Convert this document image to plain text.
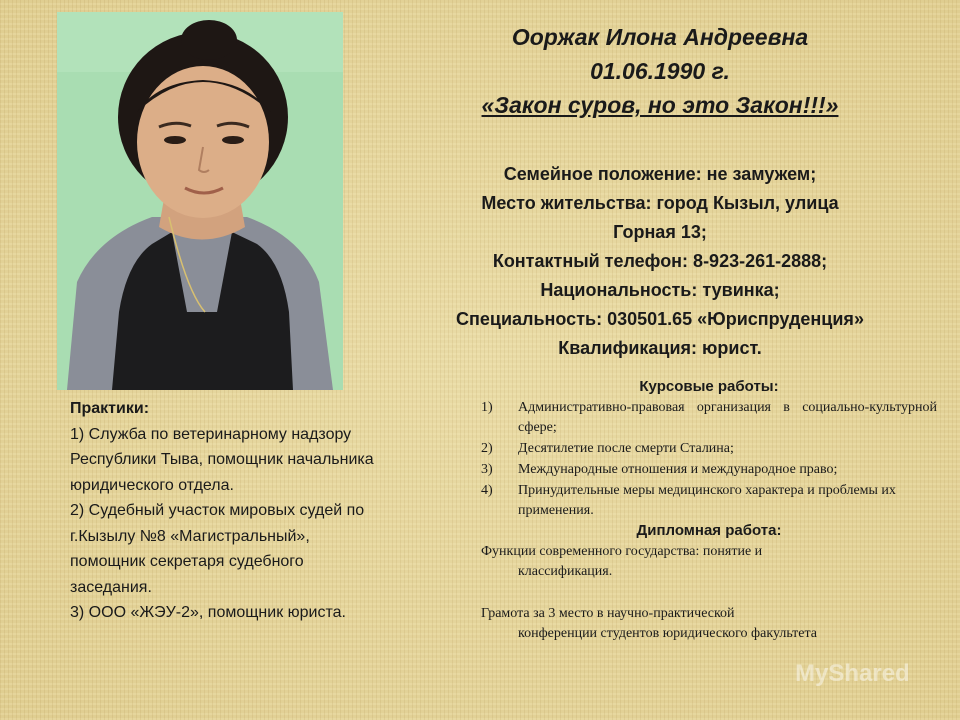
Ооржак Илона Андреевна
01.06.1990 г.
«Закон суров, но это Закон!!!»
Семейное положение: не замужем;
Место жительства: город Кызыл, улица
Горная 13;
Контактный телефон: 8-923-261-2888;
Национальность: тувинка;
Специальность: 030501.65 «Юриспруденция»
Квалификация: юрист.
Практики:
1) Служба по ветеринарному надзору
Республики Тыва, помощник начальника
юридического отдела.
2) Судебный участок мировых судей по
г.Кызылу №8 «Магистральный»,
помощник секретаря судебного
заседания.
3) ООО «ЖЭУ-2», помощник юриста.
Курсовые работы:
1)	Административно-правовая организация в социально-культурной сфере;
2)	Десятилетие после смерти Сталина;
3)	Международные отношения и международное право;
4)	Принудительные меры медицинского характера и проблемы их применения.
Дипломная работа:
Функции современного государства: понятие и
классификация.
Грамота за 3 место в научно-практической
конференции студентов юридического факультета
MyShared
